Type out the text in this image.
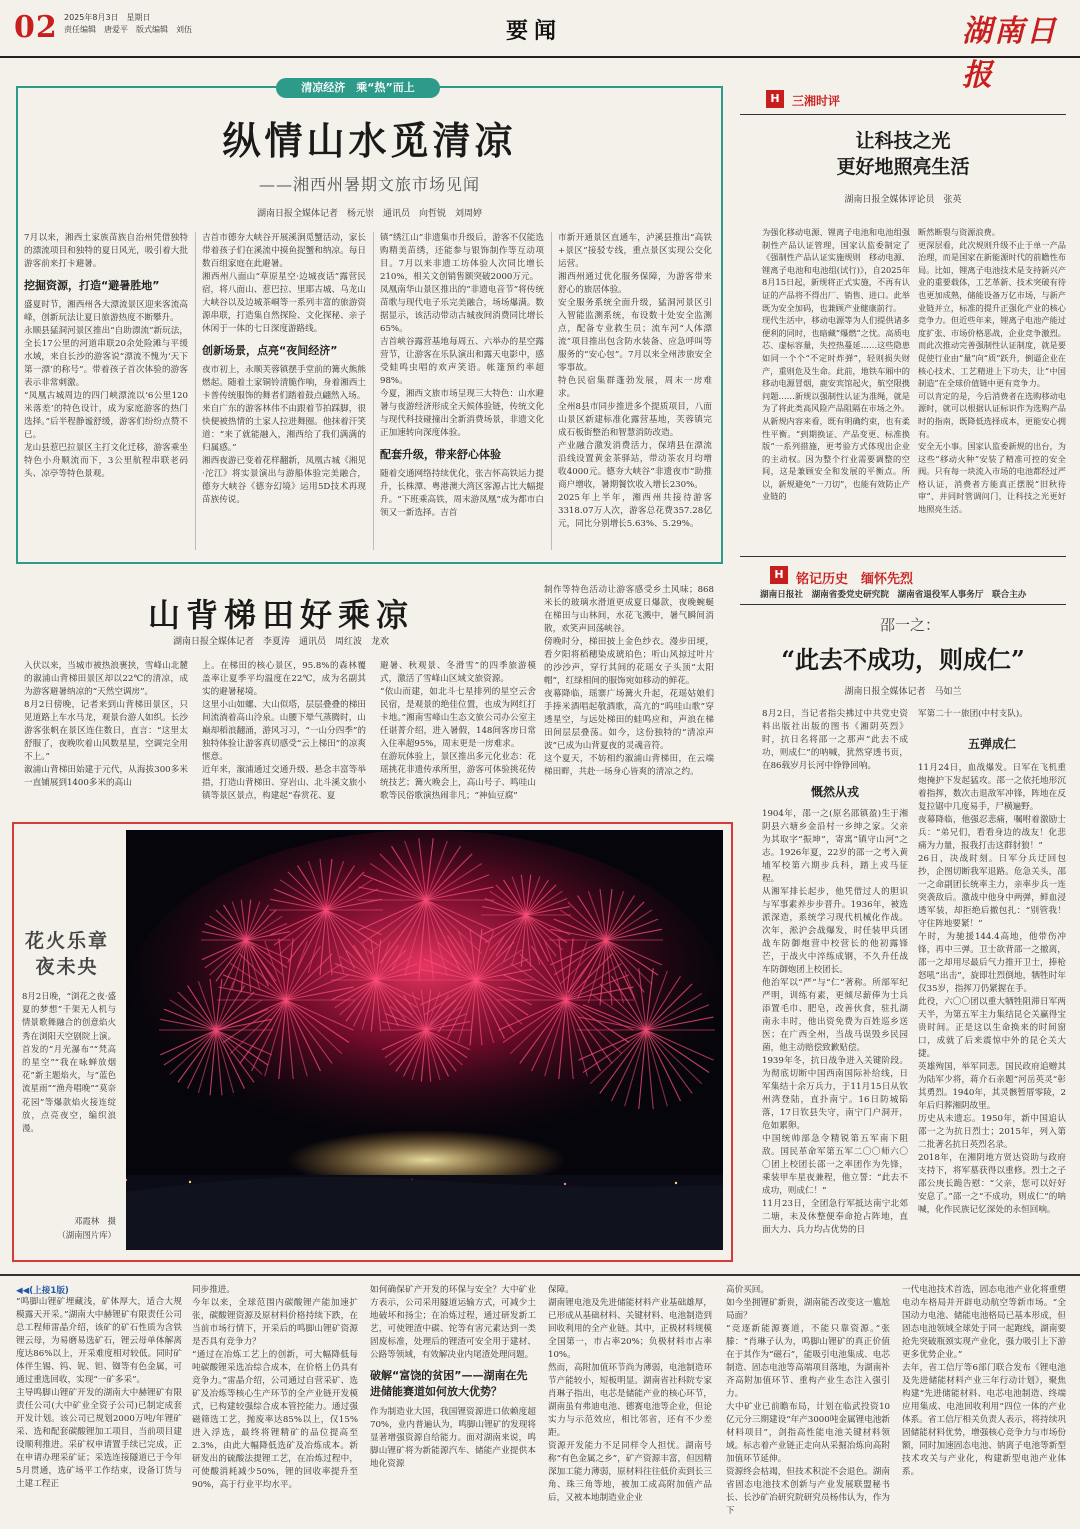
02 2025年8月3日　星期日
责任编辑　唐爱平　版式编辑　刘伍	要闻	湖南日报
清凉经济　乘“热”而上
纵情山水觅清凉
——湘西州暑期文旅市场见闻
湖南日报全媒体记者　杨元崇　通讯员　向哲锐　刘周婷
7月以来，湘西土家族苗族自治州凭借独特的漂流项目和独特的夏日风光，吸引着大批游客前来打卡避暑。
挖掘资源，打造“避暑胜地”
盛夏时节，湘西州各大漂流景区迎来客流高峰，创新玩法让夏日旅游热度不断攀升。
永顺县猛洞河景区推出“自助漂流”新玩法，全长17公里的河道串联20余处险滩与平缓水域，来自长沙的游客说“漂流不愧为‘天下第一漂’的称号”。带着孩子首次体验的游客表示非常刺激。
“凤凰古城周边的四门峡漂流以‘6公里120米落差’的特色设计，成为家庭游客的热门选择。”后半程静谧舒缓，游客们纷纷点赞不已。
龙山县惹巴拉景区主打文化迁移，游客乘坐特色小舟顺流而下，3公里航程串联老码头、凉亭等特色景观。
吉首市德夯大峡谷开展溪涧觅蟹活动，家长带着孩子们在溪流中摸鱼捉蟹和纳凉。每日数百组家庭在此避暑。
湘西州八面山“草原星空·边城夜话”露营民宿，将八面山、惹巴拉、里耶古城、乌龙山大峡谷以及边城茶峒等一系列丰富的旅游资源串联，打造集自然探险、文化探秘、亲子休闲于一体的七日深度游路线。
创新场景，点亮“夜间经济”
夜市初上，永顺芙蓉镇摆手堂前的篝火熊熊燃起。随着土家铜铃清脆作响，身着湘西土卡普传统服饰的舞者们踏着鼓点翩然入场。
来自广东的游客林伟不由跟着节拍踩脚，很快便被热情的土家人拉进舞圈。他抹着汗笑道：“来了就能融入，湘西给了我们满满的归属感。”
湘西夜游已变着花样翻新，凤凰古城《湘见·沱江》将实景演出与游船体验完美融合，德夯大峡谷《德夯幻境》运用5D技术再现苗族传说。
镇“绣江山”非遗集市升级后，游客不仅能选购精美苗绣，还能参与银饰制作等互动项目。7月以来非遗工坊体验人次同比增长210%，相关文创销售额突破2000万元。
凤凰南华山景区推出的“非遗电音节”将传统苗歌与现代电子乐完美融合，场场爆满。数据显示，该活动带动古城夜间消费同比增长65%。
吉首峡谷露营基地每周五、六举办的星空露营节，让游客在乐队演出和露天电影中，感受蛙鸣虫唱的欢声笑语。帐篷预约率超98%。
今夏，湘西文旅市场呈现三大特色：山水避暑与夜游经济形成全天候体验链，传统文化与现代科技碰撞出全新消费场景，非遗文化正加速转向深度体验。
配套升级，带来舒心体验
随着交通网络持续优化，张吉怀高铁运力提升，长株潭、粤港澳大湾区客源占比大幅提升。“下班乘高铁，周末游凤凰”成为都市白领又一新选择。吉首
市新开通景区直通车，泸溪县推出“高铁+景区”接驳专线，重点景区实现公交化运营。
湘西州通过优化服务保障，为游客带来舒心的旅居体验。
安全服务系统全面升级，猛洞河景区引入智能监测系统，布设数十处安全监测点，配备专业救生员；流车河“人体漂流”项目推出包含防水装备、应急呼叫等服务的“安心包”。7月以来全州涉旅安全零事故。
特色民宿集群蓬勃发展，周末一房难求。
全州8县市同步推进多个提质项目，八面山景区新建标准化露营基地，芙蓉镇完成石板街整治和智慧消防改造。
产业融合激发消费活力，保靖县在漂流沿线设置黄金茶驿站，带动茶农月均增收4000元。德夯大峡谷“非遗夜市”助推商户增收，暑期餐饮收入增长230%。
2025年上半年，湘西州共接待游客3318.07万人次，游客总花费357.28亿元，同比分别增长5.63%、5.29%。
山背梯田好乘凉
湖南日报全媒体记者　李夏涛　通讯员　周红波　龙欢
入伏以来，当城市被热浪裹挟，雪峰山北麓的溆浦山背梯田景区却以22℃的清凉，成为游客避暑纳凉的“天然空调房”。
8月2日傍晚，记者来到山背梯田景区，只见道路上车水马龙，观景台游人如织。长沙游客张帆在景区连住数日，直言：“这里太舒服了，夜晚吹着山风数星星，空调完全用不上。”
溆浦山背梯田始建于元代，从海拔300多米一直铺展到1400多米的高山
上。在梯田的核心景区，95.8%的森林覆盖率让夏季平均温度在22℃，成为名副其实的避暑秘境。
这里小山如螺、大山似塔，层层叠叠的梯田间流淌着高山泠泉。山腰下晕气蒸腾时，山巅却稻浪翻涌，游风习习，“一山分四季”的独特体验让游客真切感受“云上梯田”的凉爽惬意。
近年来，溆浦通过交通升级、悬念丰富等举措，打造山背梯田、穿岩山、北斗溪文旅小镇等景区景点，构建起“春赏花、夏
避暑、秋观景、冬滑雪”的四季旅游模式，激活了雪峰山区域文旅资源。
“依山而建，如北斗七星排列的星空云舍民宿，是观景的绝佳位置，也成为网红打卡地。”湘南雪峰山生态文旅公司办公室主任谌菁介绍，进入暑假，148间客房日常入住率超95%，周末更是一房难求。
在游玩体验上，景区推出多元化业态：花瑶挑花非遗传承所里，游客可体验挑花传统技艺；篝火晚会上，高山号子、鸣哇山歌等民俗歌演热闹非凡；“神仙豆腐”
制作等特色活动让游客感受乡土风味；868米长的玻璃水滑道更成夏日爆款，夜晚蜿蜒在梯田与山林间，水花飞溅中，暑气瞬间消散，欢笑声回荡峡谷。
傍晚时分，梯田披上金色纱衣。漫步田埂，看夕阳将稻穗染成琥珀色；听山风掠过叶片的沙沙声，穿行其间的花瑶女子头顶“太阳帽”，红绿相间的服饰宛如移动的鲜花。
夜幕降临，瑶寨广场篝火升起，花瑶姑娘们手捧米酒唱起敬酒歌，高亢的“呜哇山歌”穿透星空，与远处梯田的蛙鸣应和，声浪在梯田间层层叠荡。如今，这份独特的“清凉声波”已成为山背夏夜的灵魂音符。
这个夏天，不妨相约溆浦山背梯田，在云端梯田畔，共赴一场身心皆爽的清凉之约。
花火乐章
夜未央
8月2日晚，“浏花之夜·盛夏的梦想”千架无人机与情景歌舞融合的创意焰火秀在浏阳天空剧院上演。首发的“月光瀑布”“梵高的星空”“我在咏蝉放烟花”新主题焰火，与“蓝色流星雨”“渔舟唱晚”“莫奈花园”等爆款焰火接连绽放，点亮夜空，编织浪漫。
邓霞林　摄
（湖南图片库）
H	三湘时评
让科技之光
更好地照亮生活
湖南日报全媒体评论员　张英
为强化移动电源、锂离子电池和电池组强制性产品认证管理，国家认监委制定了《强制性产品认证实施规则　移动电源、锂离子电池和电池组(试行)》，自2025年8月15日起，新规将正式实施，不再有认证的产品将不得出厂、销售、进口。此举既为安全加码，也兼顾产业健康前行。
现代生活中，移动电源等为人们提供诸多便利的同时，也暗藏“爆燃”之忧。高质电芯、虚标容量，失控热蔓延……这些隐患如同一个个“不定时炸弹”，轻则损失财产，重则危及生命。此前，地铁车厢中的移动电源冒烟，鹿安宾馆起火，航空限携问题……新规以强制性认证为准绳，就是为了将此类高风险产品阻隔在市场之外。
从新规内容来看，既有明确约束，也有柔性平衡。“到期换证、产品变更、标准换版”一系列措施，更考验方式体现出企业的主动权。因为整个行业需要调整的空间，这是兼顾安全和发展的平衡点。所以，新规避免“一刀切”，也能有效防止产业链的
断然断裂与资源浪费。
更深层看，此次规则升级不止于单一产品治理，而是国家在新能源时代的前瞻性布局。比如，锂离子电池技术是支持新兴产业的重要载体，工艺革新、技术突破有待也更加成熟，储能设备万亿市场，与新产业链并立，标准的提升正强化产业的核心竞争力。但近些年来，锂离子电池产能过度扩张、市场价格恶战，企业竞争激烈。而此次推动完善强制性认证制度，就是要促使行业由“量”向“质”跃升，倒逼企业在核心技术、工艺精进上下功夫，让“中国制造”在全球价值链中更有竞争力。
可以肯定的是，今后消费者在选购移动电源时，就可以根据认证标识作为选购产品时的指南，既降低选择成本，更能安心拥有。
安全无小事。国家认监委新规的出台，为这些“移动火种”安装了精准可控的安全阀。只有每一块流入市场的电池都经过严格认证，消费者方能真正摆脱“旧秋待审”、并同时管调问门，让科技之光更好地照亮生活。
H 铭记历史　缅怀先烈
湖南日报社　湖南省委党史研究院　湖南省退役军人事务厅　联合主办
邵一之：
“此去不成功，则成仁”
湖南日报全媒体记者　马如兰
8月2日，当记者指尖拂过中共党史资料出版社出版的图书《湘阴英烈》时，抗日名将邵一之那声“此去不成功，则成仁”的呐喊，犹然穿透书页，在86载岁月长河中铮铮回响。
慨然从戎
1904年，邵一之(原名邵镇盈)生于湘阴县六塘乡金沿村一乡绅之家。父亲为其取字“振坤”，寄寓“镇守山河”之志。1926年夏，22岁的邵一之考入黄埔军校第六期步兵科，踏上戎马征程。
从湘军排长起步，他凭借过人的胆识与军事素养步步晋升。1936年，被选派深造，系统学习现代机械化作战。次年，淞沪会战爆发，时任装甲兵团战车防御炮营中校营长的他初露锋芒，于战火中淬练成钢，不久升任战车防御炮团上校团长。
他治军以“严”与“仁”著称。所部军纪严明，训练有素，更倾尽薪俸为士兵添置毛巾、肥皂，改善伙食，驻扎湖南永丰时，他出资免费为百姓巡乡送医；在广西全州，当战马误毁乡民园菌，他主动赔偿致歉贴偿。
1939年冬，抗日战争进入关键阶段。为彻底切断中国西南国际补给线，日军集结十余万兵力，于11月15日从钦州湾登陆，直扑南宁。16日防城陷落，17日钦县失守，南宁门户洞开，危如累卵。
中国统帅部急令精锐第五军南下阻敌。国民革命军第五军二〇〇师六〇〇团上校团长邵一之率团作为先锋，乘装甲车星夜兼程，他立誓：“此去不成功，则成仁！”
11月23日，全团急行军抵达南宁北郊二塘，未及休整便奉命抢占阵地，直面大力、兵力均占优势的日
军第二十一旅团(中村支队)。
五弹成仁
11月24日，血战爆发。日军在飞机重炮掩护下发起猛攻。邵一之依托地形沉着指挥，数次击退敌军冲锋，阵地在反复拉锯中几度易手，尸横遍野。
夜幕降临，他强忍悲痛，嘱咐着激励士兵：“弟兄们，看看身边的战友！化悲痛为力量，报我打击这群豺狼！”
26日，决战时刻。日军分兵迂回包抄，企图切断我军退路。危急关头，邵一之命副团长统率主力，亲率步兵一连突袭敌后。激战中他身中两弹，鲜血浸透军装，却拒绝后撤包扎：“别管我！守住阵地要紧！”
午时，为驰援144.4高地，他带伤冲锋，再中三弹。卫士欲背邵一之撤离，邵一之却用尽最后气力推开卫士，捧枪怒吼“出击”，旋即壮烈倒地，牺牲时年仅35岁，指挥刀仍紧握在手。
此役，六〇〇团以重大牺牲阻滞日军两天半，为第五军主力集结昆仑关赢得宝贵时间。正是这以生命换来的时间窗口，成就了后来震惊中外的昆仑关大捷。
英雄殉国，举军同悲。国民政府追赠其为陆军少将，蒋介石亲题“河岳英灵”彰其勇烈。1940年，其灵骸暂厝零陵，2年后归葬湘阴故里。
历史从未遗忘。1950年，新中国追认邵一之为抗日烈士；2015年，列入第二批著名抗日英烈名录。
2018年，在湘阴地方贤达资助与政府支持下，将军墓获得以重修。烈士之子邵公庚长跪告慰：“父亲，您可以好好安息了。”邵一之“不成功，则成仁”的呐喊，化作民族记忆深处的永恒回响。
◀◀(上接1版)
“鸣脚山锂矿埋藏浅，矿体厚大，适合大规模露天开采。”湖南大中赫锂矿有限责任公司总工程师雷晶介绍，该矿的矿石性质为含铁锂云母，为易磨易选矿石，锂云母单体解离度达86%以上，开采难度相对较低。同时矿体伴生锡、钨、铌、钽、铷等有色金属，可通过重选回收，实现“一矿多采”。
主导鸣脚山锂矿开发的湖南大中赫锂矿有限责任公司(大中矿业全资子公司)已制定成套开发计划。该公司已规划2000万吨/年锂矿采、选和配套碳酸锂加工项目，当前项目建设顺利推进。采矿权申请置手续已完成，正在申请办理采矿证；采选连接隧道已于今年5月贯通，选矿场平工作结束，设备订货与土建工程正
同步推进。
今年以来，全球范围内碳酸锂产能加速扩张，碳酸锂资源及原材料价格持续下跌，在当前市场行情下，开采后的鸣脚山锂矿资源是否具有竞争力？
“通过在冶炼工艺上的创新，可大幅降低每吨碳酸锂采选冶综合成本，在价格上仍具有竞争力。”雷晶介绍，公司通过自营采矿、选矿及冶炼等核心生产环节的全产业链开发模式，已构建较强综合成本管控能力。通过强磁筛选工艺，抛废率达85%以上，仅15%进入浮选，最终将锂精矿的品位提高至2.3%，由此大幅降低选矿及冶炼成本。新研发出的硫酸法提锂工艺，在冶炼过程中，可使酸消耗减少50%，锂的回收率提升至90%，高于行业平均水平。
如何确保矿产开发的环保与安全？大中矿业方表示，公司采用隧道运输方式，可减少土地破坏和扬尘；在冶炼过程，通过研发新工艺，可使锂渣中碳、铊等有害元素达到一类固废标准，处理后的锂渣可安全用于建材、公路等领域，有效解决业内尾渣处理问题。
破解“富饶的贫困”——湖南在先进储能赛道如何放大优势？
作为制造业大国，我国锂资源进口依赖度超70%，业内普遍认为，鸣脚山锂矿的发现将显著增强资源自给能力。面对湖南来说，鸣脚山锂矿将为新能源汽车、储能产业提供本地化资源
保障。
湖南锂电池及先进储能材料产业基础雄厚，已形成从基础材料、关键材料、电池制造到回收利用的全产业链。其中，正极材料规模全国第一，市占率20%；负极材料市占率10%。
然而，高附加值环节尚为薄弱，电池制造环节产能较小，短板明显。湖南省社科院专家肖琳子指出，电芯是储能产业的核心环节，湖南虽有弗迪电池、德赛电池等企业，但论实力与示范效应，相比邻省，还有不少差距。
资源开发能力不足同样令人担忧。湖南号称“有色金属之乡”，矿产资源丰富，但因精深加工能力薄弱，原材料往往低价卖到长三角、珠三角等地，被加工成高附加值产品后，又被本地制造业企业
高价买回。
如今坐拥锂矿新贵，湖南能否改变这一尴尬局面？
“竞逐新能源赛道，不能只靠资源。”张滕：“肖琳子认为，鸣脚山锂矿的真正价值在于其作为“磁石”，能吸引电池集成、电芯制造、固态电池等高端项目落地，为湖南补齐高附加值环节、重构产业生态注入强引力。
大中矿业已前瞻布局，计划在临武投资10亿元分三期建设“年产3000吨金属锂电池新材料项目”，剑指高性能电池关键材料领域。标志着产业链正走向从采掘冶炼向高附加值环节延伸。
资源终会枯竭，但技术积淀不会退色。湖南省固态电池技术创新与产业发展联盟秘书长、长沙矿冶研究院研究员杨伟认为，作为下
一代电池技术首选，固态电池产业化将重塑电动车格局并开辟电动航空等新市场。“全国动力电池、储能电池格局已基本形成，但固态电池领域全球处于同一起跑线，湖南要抢先突破瓶颈实现产业化，强力吸引上下游更多优势企业。”
去年，省工信厅等6部门联合发布《锂电池及先进储能材料产业三年行动计划》，聚焦构建“先进储能材料、电芯电池制造、终端应用集成、电池回收利用”四位一体的产业体系。省工信厅相关负责人表示，将持续巩固储能材料优势，增强核心竞争力与市场份额，同时加速固态电池、钠离子电池等新型技术攻关与产业化，构建新型电池产业体系。
